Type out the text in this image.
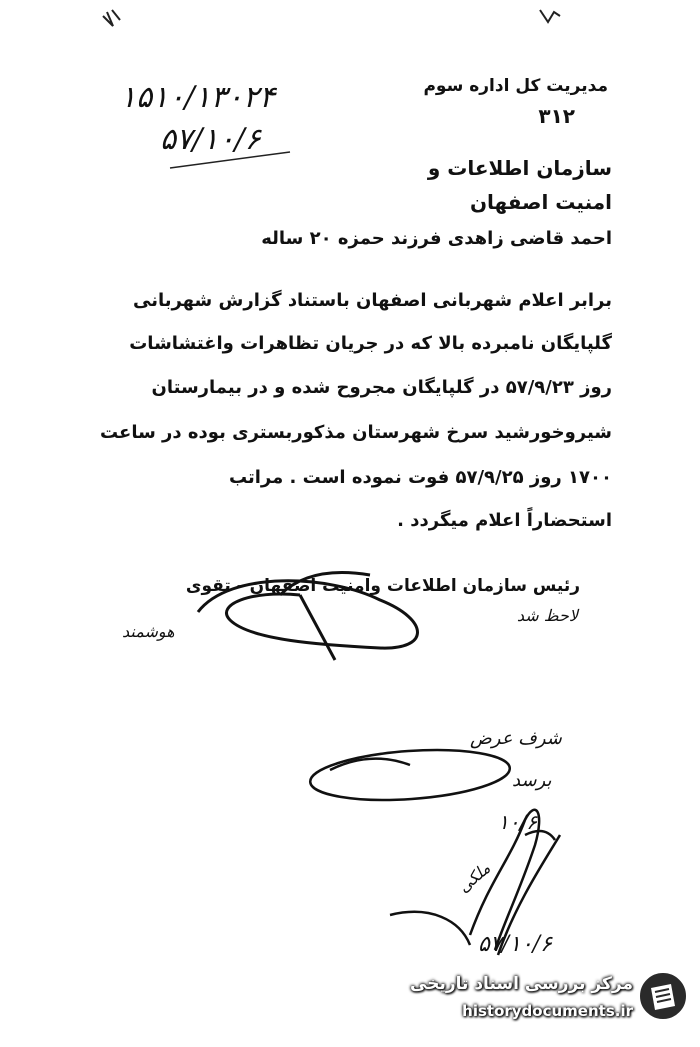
مدیریت کل اداره سوم
۳۱۲
۱۵۱۰/۱۳۰۲۴
۵۷/۱۰/۶
سازمان اطلاعات و
امنیت اصفهان
احمد قاضی زاهدی فرزند حمزه ۲۰ ساله
برابر اعلام شهربانی اصفهان باستناد گزارش شهربانی
گلپایگان نامبرده بالا که در جریان تظاهرات واغتشاشات
روز ۵۷/۹/۲۳ در گلپایگان مجروح شده و در بیمارستان
شیروخورشید سرخ شهرستان مذکوربستری بوده در ساعت
۱۷۰۰ روز ۵۷/۹/۲۵ فوت نموده است . مراتب
استحضاراً اعلام میگردد .
رئیس سازمان اطلاعات وامنیت اصفهان - تقوی
لاحظ شد
هوشمند
شرف عرض
برسد
۱۰/۶
ملکی
۵۷/۱۰/۶
مرکز بررسی اسناد تاریخی
historydocuments.ir
